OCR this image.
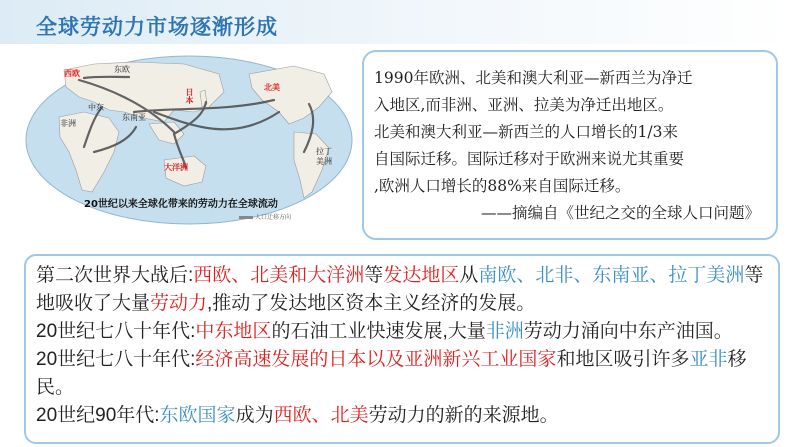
全球劳动力市场逐渐形成
西欧	东欧
中东
非洲
东南亚
日本
大洋洲
北美
拉丁
美洲
20世纪以来全球化带来的劳动力在全球流动
人口迁移方向
1990年欧洲、北美和澳大利亚—新西兰为净迁
入地区,而非洲、亚洲、拉美为净迁出地区。
北美和澳大利亚—新西兰的人口增长的1/3来
自国际迁移。国际迁移对于欧洲来说尤其重要
,欧洲人口增长的88%来自国际迁移。
——摘编自《世纪之交的全球人口问题》
第二次世界大战后:西欧、北美和大洋洲等发达地区从南欧、北非、东南亚、拉丁美洲等地吸收了大量劳动力,推动了发达地区资本主义经济的发展。
20世纪七八十年代:中东地区的石油工业快速发展,大量非洲劳动力涌向中东产油国。
20世纪七八十年代:经济高速发展的日本以及亚洲新兴工业国家和地区吸引许多亚非移民。
20世纪90年代:东欧国家成为西欧、北美劳动力的新的来源地。
